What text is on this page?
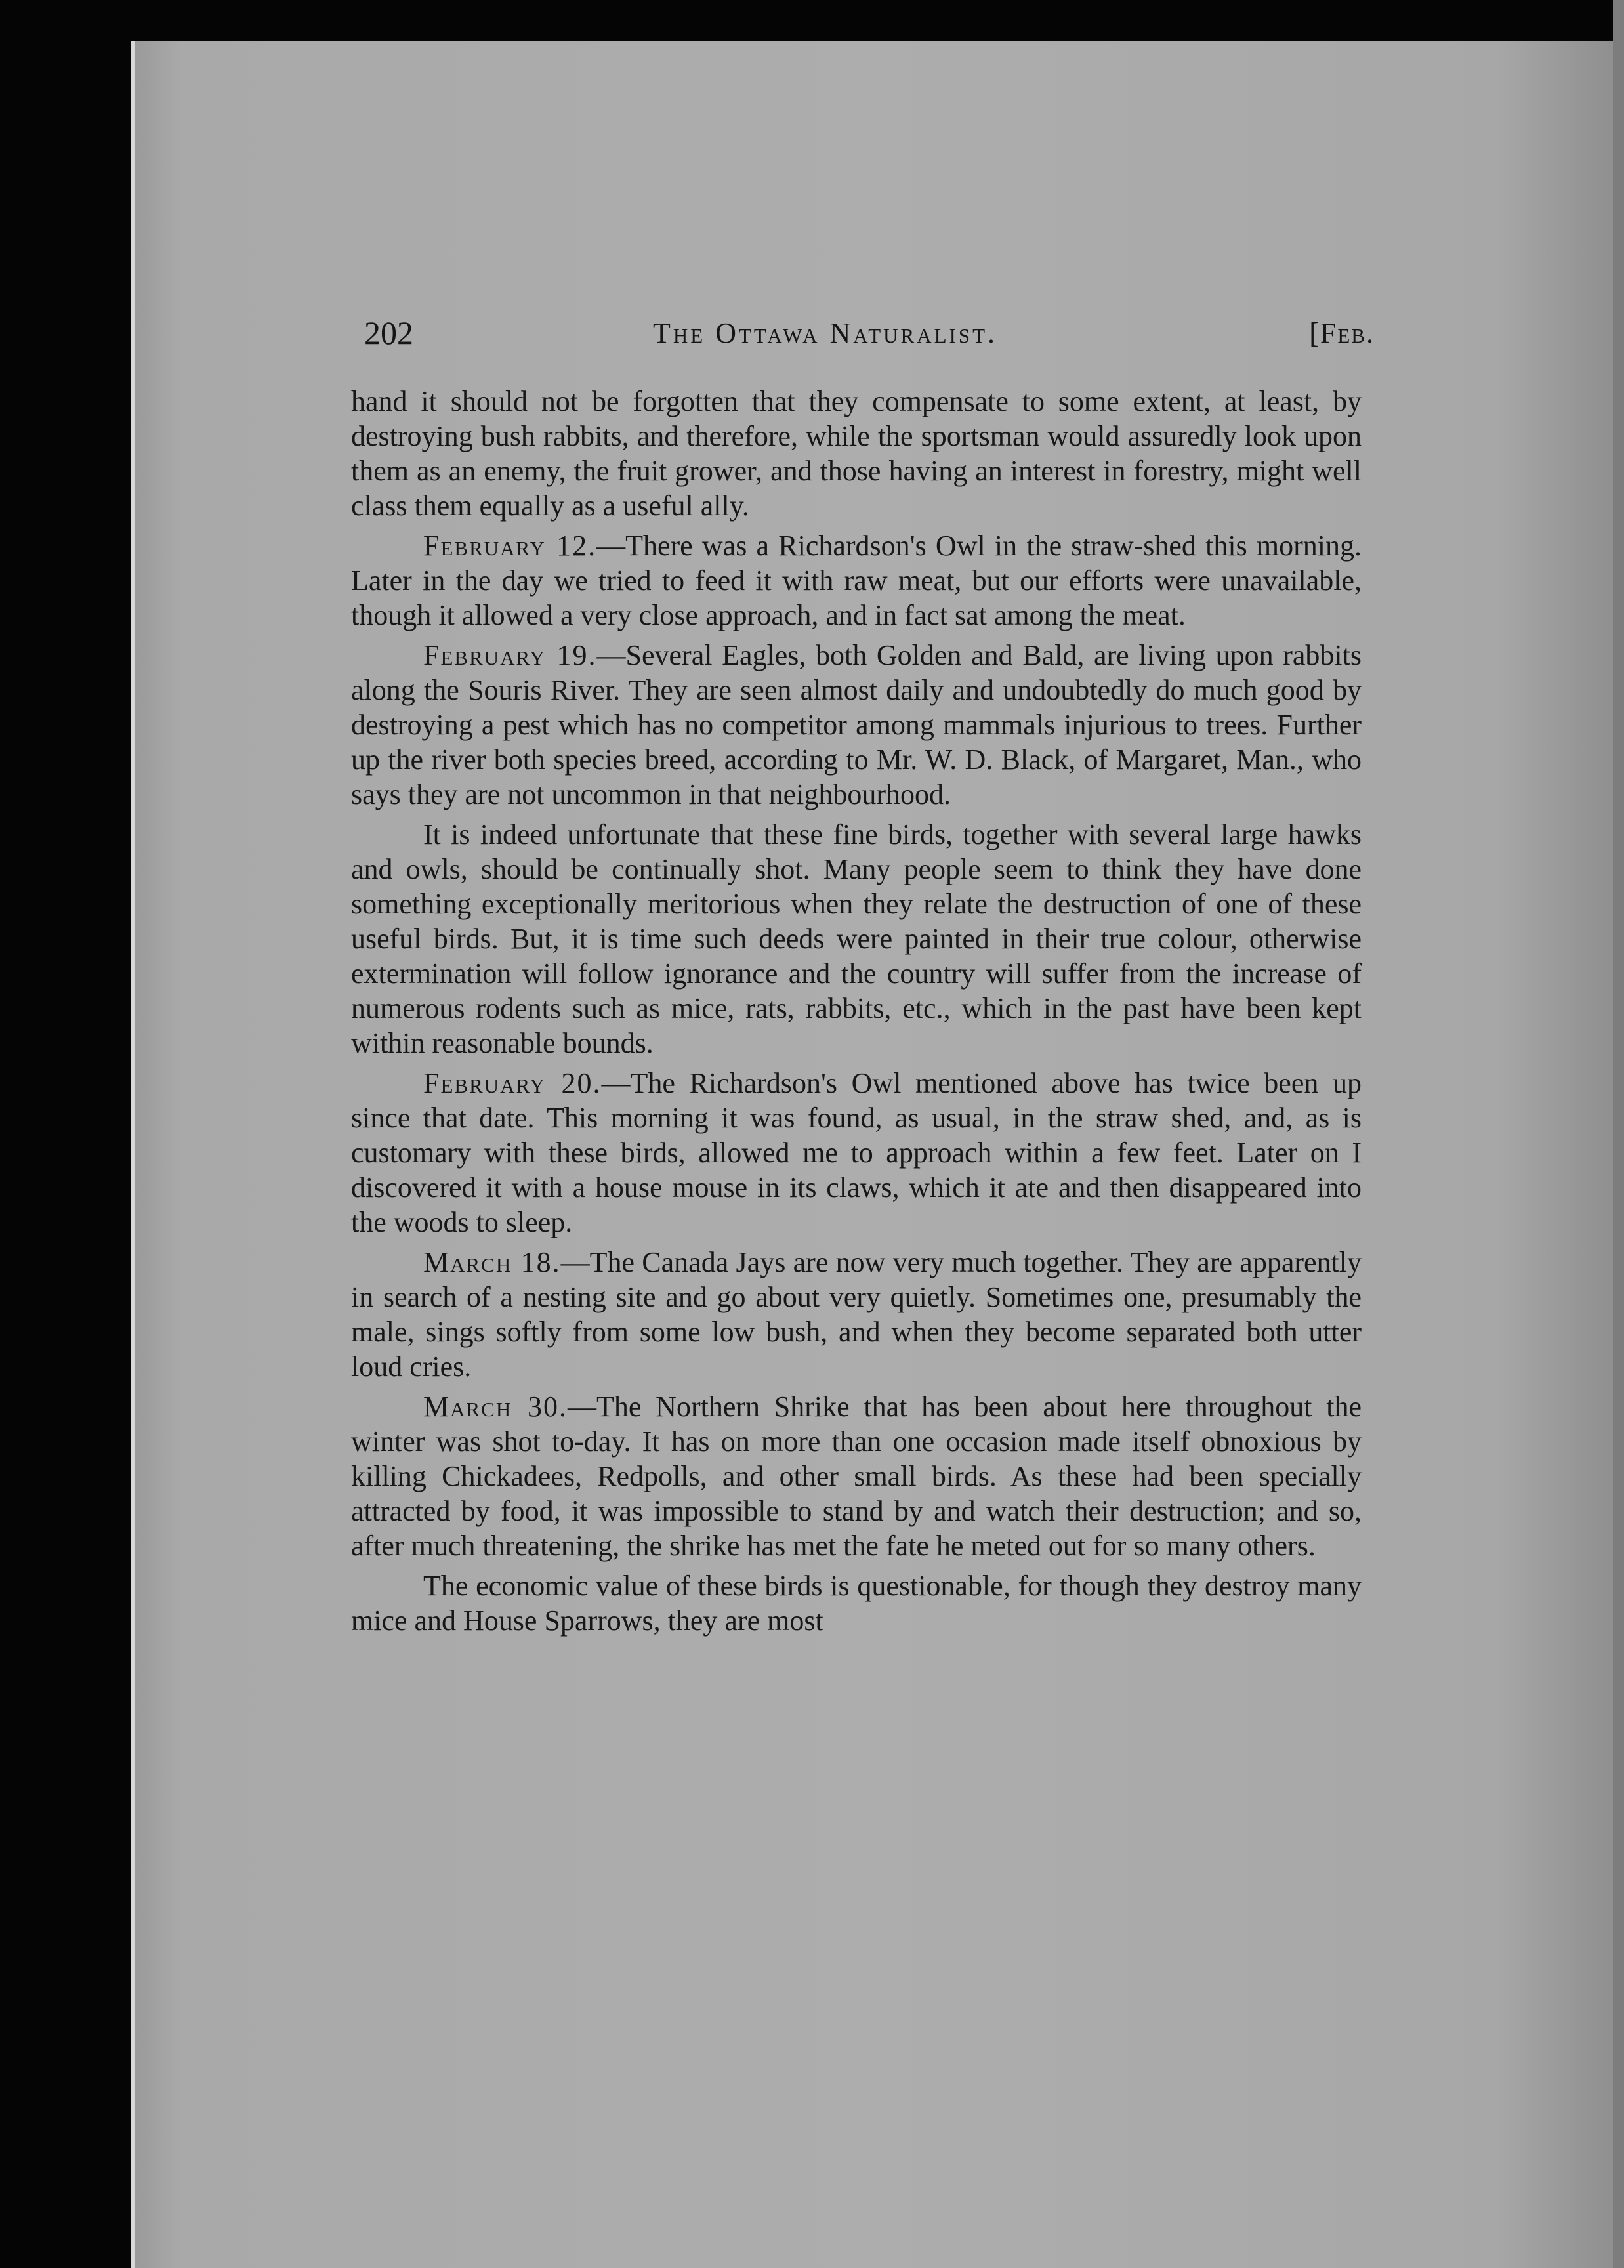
202	The Ottawa Naturalist.	[Feb.

hand it should not be forgotten that they compensate to some extent, at least, by destroying bush rabbits, and therefore, while the sportsman would assuredly look upon them as an enemy, the fruit grower, and those having an interest in forestry, might well class them equally as a useful ally.

February 12.—There was a Richardson's Owl in the straw-shed this morning. Later in the day we tried to feed it with raw meat, but our efforts were unavailable, though it allowed a very close approach, and in fact sat among the meat.

February 19.—Several Eagles, both Golden and Bald, are living upon rabbits along the Souris River. They are seen almost daily and undoubtedly do much good by destroying a pest which has no competitor among mammals injurious to trees. Further up the river both species breed, according to Mr. W. D. Black, of Margaret, Man., who says they are not uncommon in that neighbourhood.

It is indeed unfortunate that these fine birds, together with several large hawks and owls, should be continually shot. Many people seem to think they have done something exceptionally meritorious when they relate the destruction of one of these useful birds. But, it is time such deeds were painted in their true colour, otherwise extermination will follow ignorance and the country will suffer from the increase of numerous rodents such as mice, rats, rabbits, etc., which in the past have been kept within reasonable bounds.

February 20.—The Richardson's Owl mentioned above has twice been up since that date. This morning it was found, as usual, in the straw shed, and, as is customary with these birds, allowed me to approach within a few feet. Later on I discovered it with a house mouse in its claws, which it ate and then disappeared into the woods to sleep.

March 18.—The Canada Jays are now very much together. They are apparently in search of a nesting site and go about very quietly. Sometimes one, presumably the male, sings softly from some low bush, and when they become separated both utter loud cries.

March 30.—The Northern Shrike that has been about here throughout the winter was shot to-day. It has on more than one occasion made itself obnoxious by killing Chickadees, Redpolls, and other small birds. As these had been specially attracted by food, it was impossible to stand by and watch their destruction; and so, after much threatening, the shrike has met the fate he meted out for so many others.

The economic value of these birds is questionable, for though they destroy many mice and House Sparrows, they are most
